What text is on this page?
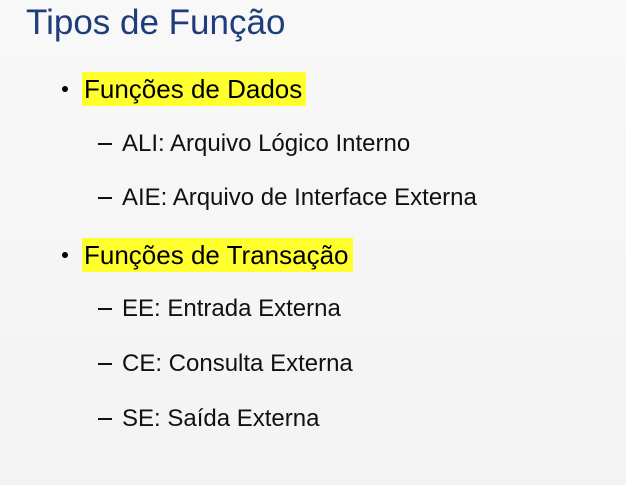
Tipos de Função
Funções de Dados
ALI: Arquivo Lógico Interno
AIE: Arquivo de Interface Externa
Funções de Transação
EE: Entrada Externa
CE: Consulta Externa
SE: Saída Externa
